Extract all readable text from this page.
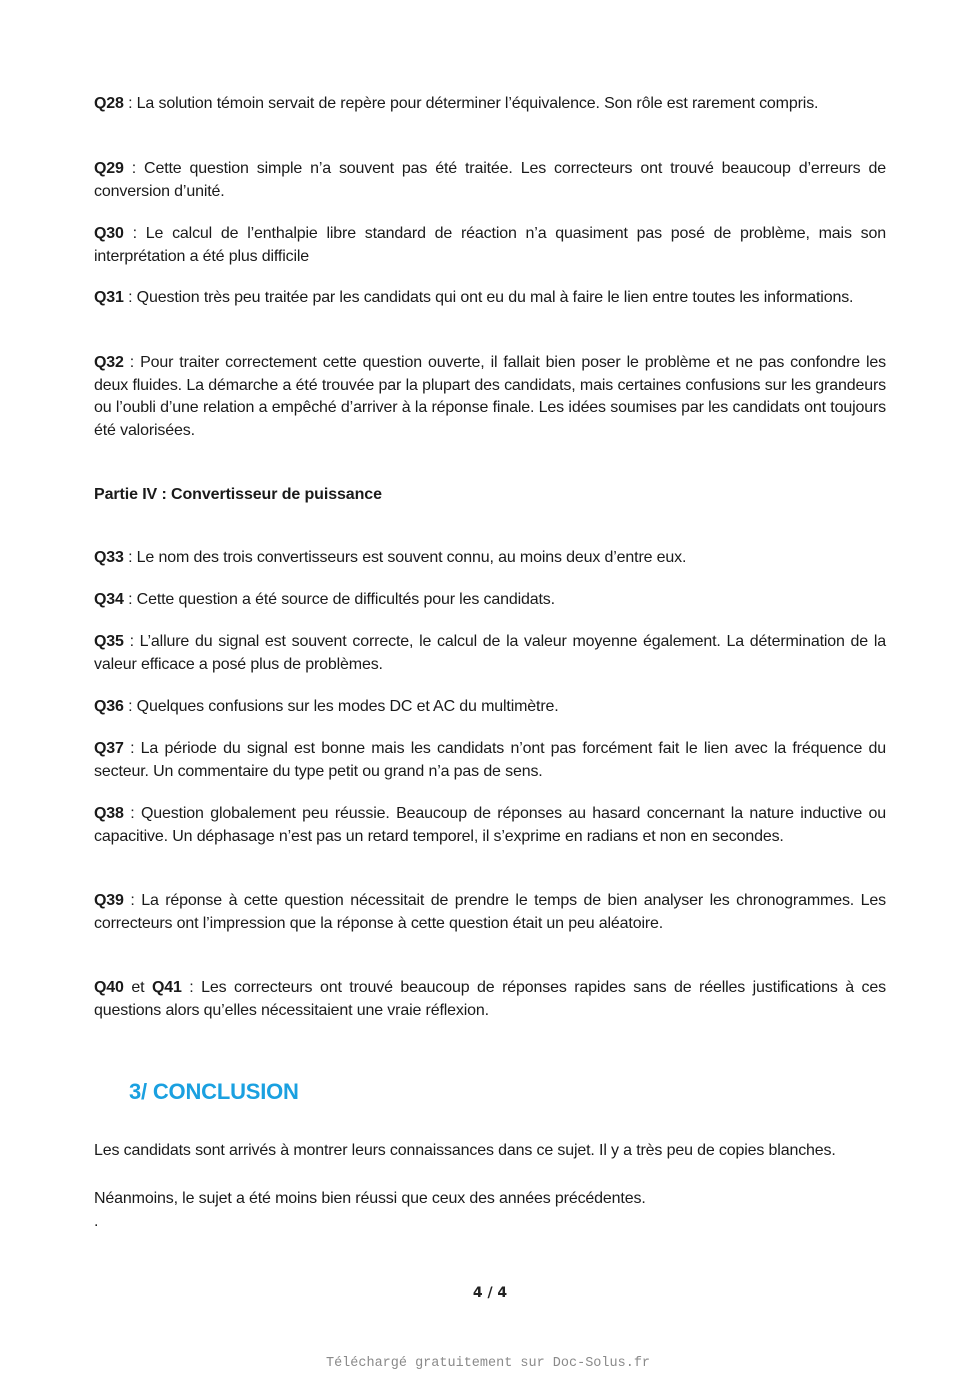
Q28 : La solution témoin servait de repère pour déterminer l’équivalence. Son rôle est rarement compris.
Q29 : Cette question simple n’a souvent pas été traitée. Les correcteurs ont trouvé beaucoup d’erreurs de conversion d’unité.
Q30 : Le calcul de l’enthalpie libre standard de réaction n’a quasiment pas posé de problème, mais son interprétation a été plus difficile
Q31 : Question très peu traitée par les candidats qui ont eu du mal à faire le lien entre toutes les informations.
Q32 : Pour traiter correctement cette question ouverte, il fallait bien poser le problème et ne pas confondre les deux fluides. La démarche a été trouvée par la plupart des candidats, mais certaines confusions sur les grandeurs ou l’oubli d’une relation a empêché d’arriver à la réponse finale. Les idées soumises par les candidats ont toujours été valorisées.
Partie IV : Convertisseur de puissance
Q33 : Le nom des trois convertisseurs est souvent connu, au moins deux d’entre eux.
Q34 : Cette question a été source de difficultés pour les candidats.
Q35 : L’allure du signal est souvent correcte, le calcul de la valeur moyenne également. La détermination de la valeur efficace a posé plus de problèmes.
Q36 : Quelques confusions sur les modes DC et AC du multimètre.
Q37 : La période du signal est bonne mais les candidats n’ont pas forcément fait le lien avec la fréquence du secteur. Un commentaire du type petit ou grand n’a pas de sens.
Q38 : Question globalement peu réussie. Beaucoup de réponses au hasard concernant la nature inductive ou capacitive. Un déphasage n’est pas un retard temporel, il s’exprime en radians et non en secondes.
Q39 : La réponse à cette question nécessitait de prendre le temps de bien analyser les chronogrammes. Les correcteurs ont l’impression que la réponse à cette question était un peu aléatoire.
Q40 et Q41 : Les correcteurs ont trouvé beaucoup de réponses rapides sans de réelles justifications à ces questions alors qu’elles nécessitaient une vraie réflexion.
3/ CONCLUSION
Les candidats sont arrivés à montrer leurs connaissances dans ce sujet. Il y a très peu de copies blanches.
Néanmoins, le sujet a été moins bien réussi que ceux des années précédentes.
.
4 / 4
Téléchargé gratuitement sur Doc-Solus.fr
